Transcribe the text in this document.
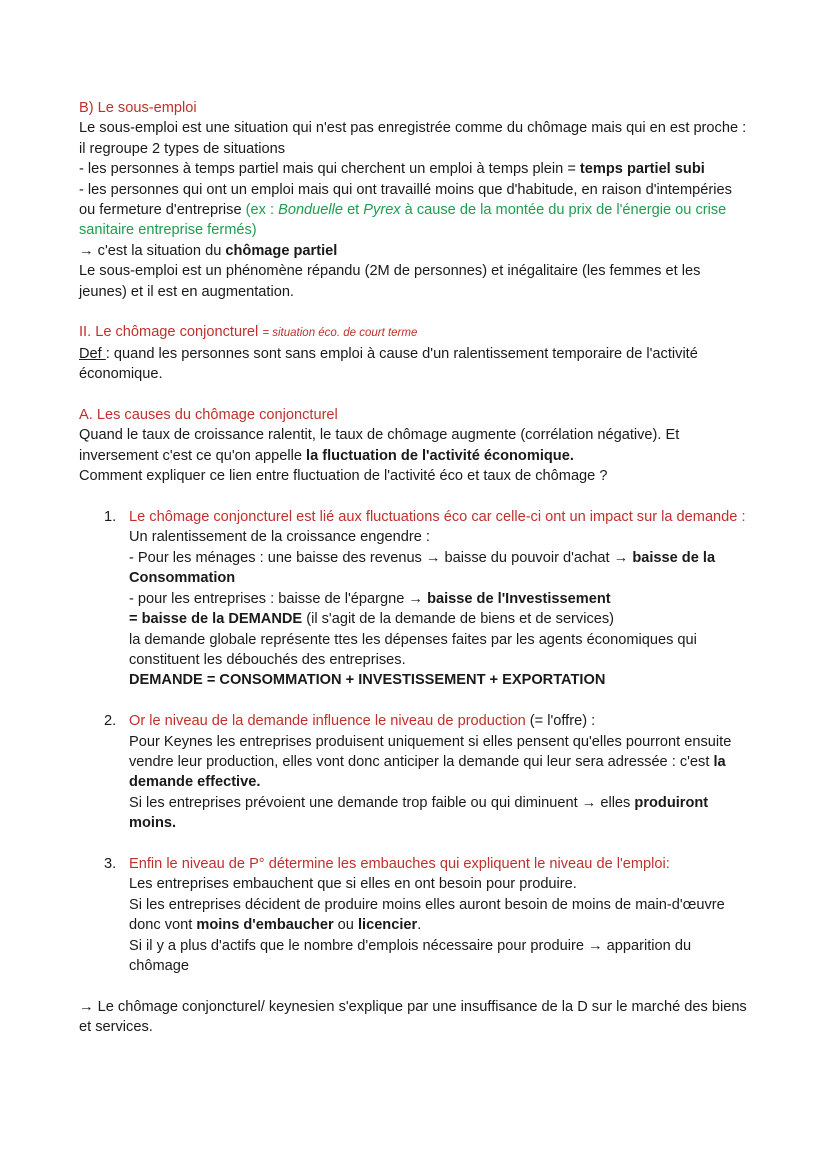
B) Le sous-emploi

Le sous-emploi est une situation qui n'est pas enregistrée comme du chômage mais qui en est proche : il regroupe 2 types de situations

- les personnes à temps partiel mais qui cherchent un emploi à temps plein = temps partiel subi

- les personnes qui ont un emploi mais qui ont travaillé moins que d'habitude, en raison d'intempéries ou fermeture d'entreprise (ex : Bonduelle et Pyrex à cause de la montée du prix de l'énergie ou crise sanitaire entreprise fermés)

→ c'est la situation du chômage partiel

Le sous-emploi est un phénomène répandu (2M de personnes) et inégalitaire (les femmes et les jeunes) et il est en augmentation.

II. Le chômage conjoncturel = situation éco. de court terme

Def : quand les personnes sont sans emploi à cause d'un ralentissement temporaire de l'activité économique.

A. Les causes du chômage conjoncturel

Quand le taux de croissance ralentit, le taux de chômage augmente (corrélation négative). Et inversement c'est ce qu'on appelle la fluctuation de l'activité économique.

Comment expliquer ce lien entre fluctuation de l'activité éco et taux de chômage ?

1. Le chômage conjoncturel est lié aux fluctuations éco car celle-ci ont un impact sur la demande :

Un ralentissement de la croissance engendre :

- Pour les ménages : une baisse des revenus → baisse du pouvoir d'achat → baisse de la Consommation

- pour les entreprises : baisse de l'épargne → baisse de l'Investissement

= baisse de la DEMANDE (il s'agit de la demande de biens et de services)

la demande globale représente ttes les dépenses faites par les agents économiques qui constituent les débouchés des entreprises.

DEMANDE = CONSOMMATION + INVESTISSEMENT + EXPORTATION

2. Or le niveau de la demande influence le niveau de production (= l'offre) :

Pour Keynes les entreprises produisent uniquement si elles pensent qu'elles pourront ensuite vendre leur production, elles vont donc anticiper la demande qui leur sera adressée : c'est la demande effective.

Si les entreprises prévoient une demande trop faible ou qui diminuent → elles produiront moins.

3. Enfin le niveau de P° détermine les embauches qui expliquent le niveau de l'emploi:

Les entreprises embauchent que si elles en ont besoin pour produire.

Si les entreprises décident de produire moins elles auront besoin de moins de main-d'œuvre donc vont moins d'embaucher ou licencier.

Si il y a plus d'actifs que le nombre d'emplois nécessaire pour produire → apparition du chômage

→ Le chômage conjoncturel/ keynesien s'explique par une insuffisance de la D sur le marché des biens et services.
